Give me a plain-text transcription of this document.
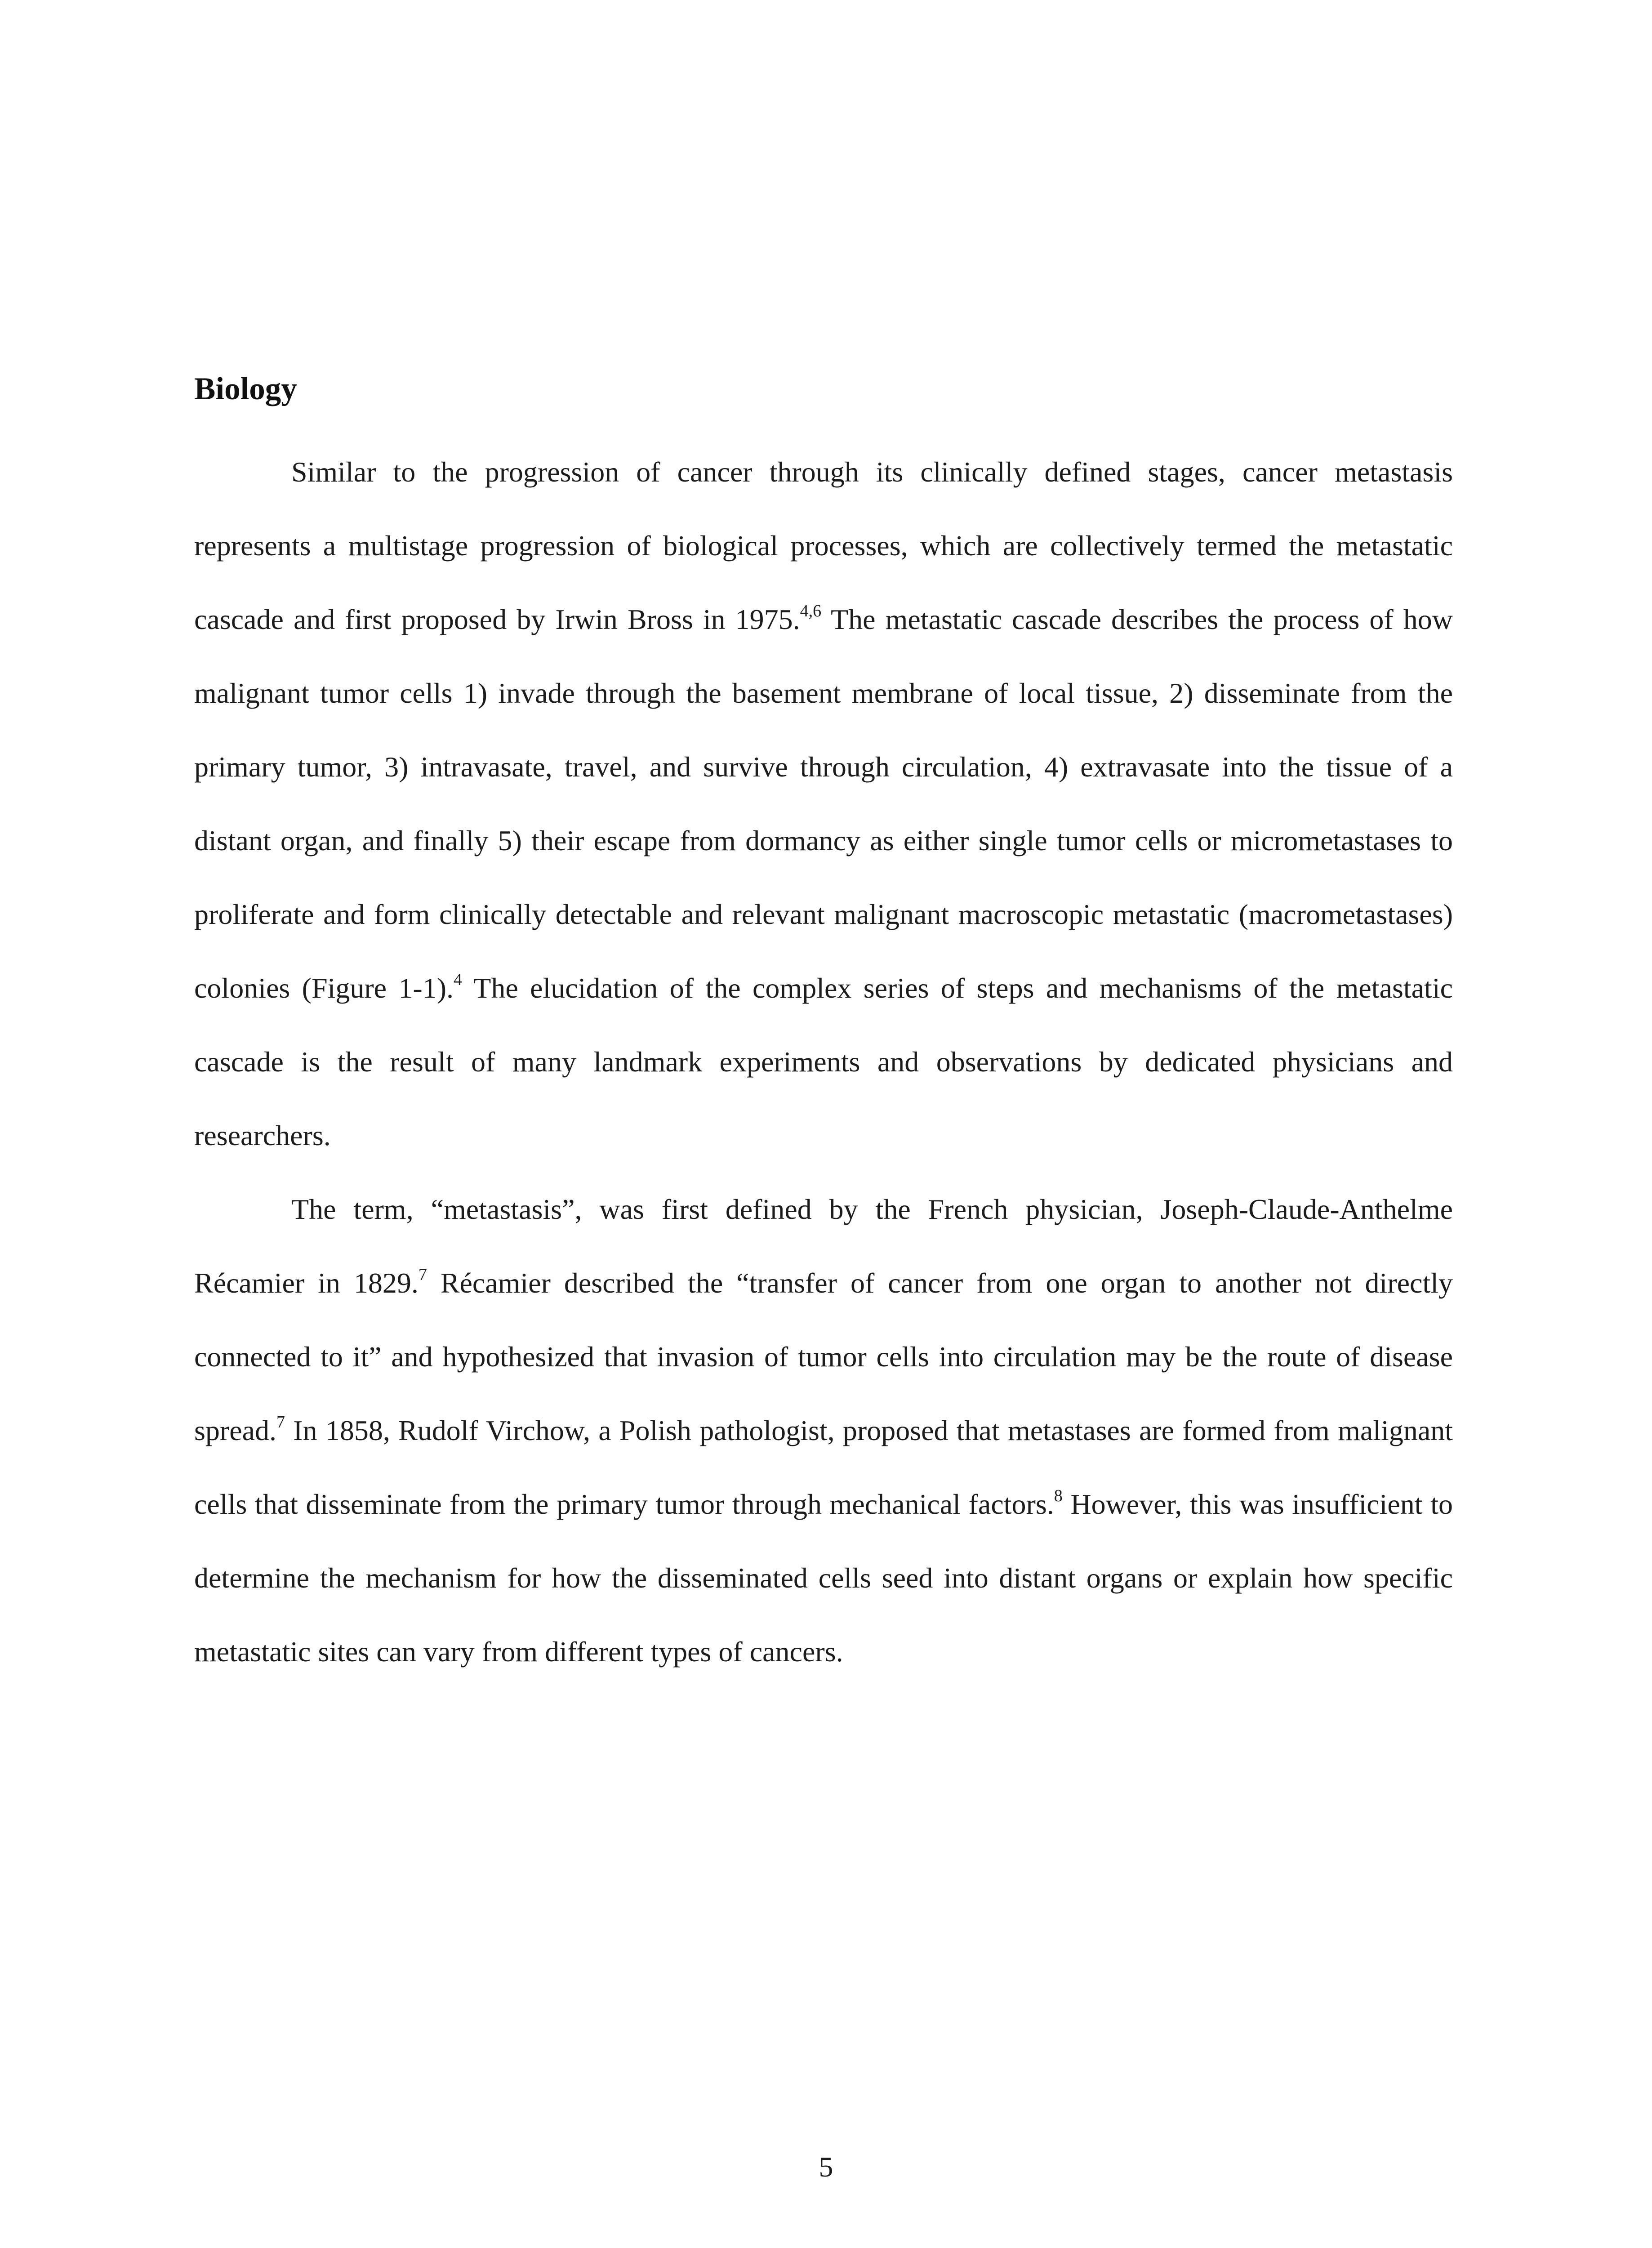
Biology

Similar to the progression of cancer through its clinically defined stages, cancer metastasis represents a multistage progression of biological processes, which are collectively termed the metastatic cascade and first proposed by Irwin Bross in 1975.$^{4,6}$ The metastatic cascade describes the process of how malignant tumor cells 1) invade through the basement membrane of local tissue, 2) disseminate from the primary tumor, 3) intravasate, travel, and survive through circulation, 4) extravasate into the tissue of a distant organ, and finally 5) their escape from dormancy as either single tumor cells or micrometastases to proliferate and form clinically detectable and relevant malignant macroscopic metastatic (macrometastases) colonies (Figure 1-1).$^4$ The elucidation of the complex series of steps and mechanisms of the metastatic cascade is the result of many landmark experiments and observations by dedicated physicians and researchers.

The term, “metastasis”, was first defined by the French physician, Joseph-Claude-Anthelme Récamier in 1829.$^7$ Récamier described the “transfer of cancer from one organ to another not directly connected to it” and hypothesized that invasion of tumor cells into circulation may be the route of disease spread.$^7$ In 1858, Rudolf Virchow, a Polish pathologist, proposed that metastases are formed from malignant cells that disseminate from the primary tumor through mechanical factors.$^8$ However, this was insufficient to determine the mechanism for how the disseminated cells seed into distant organs or explain how specific metastatic sites can vary from different types of cancers.

5
